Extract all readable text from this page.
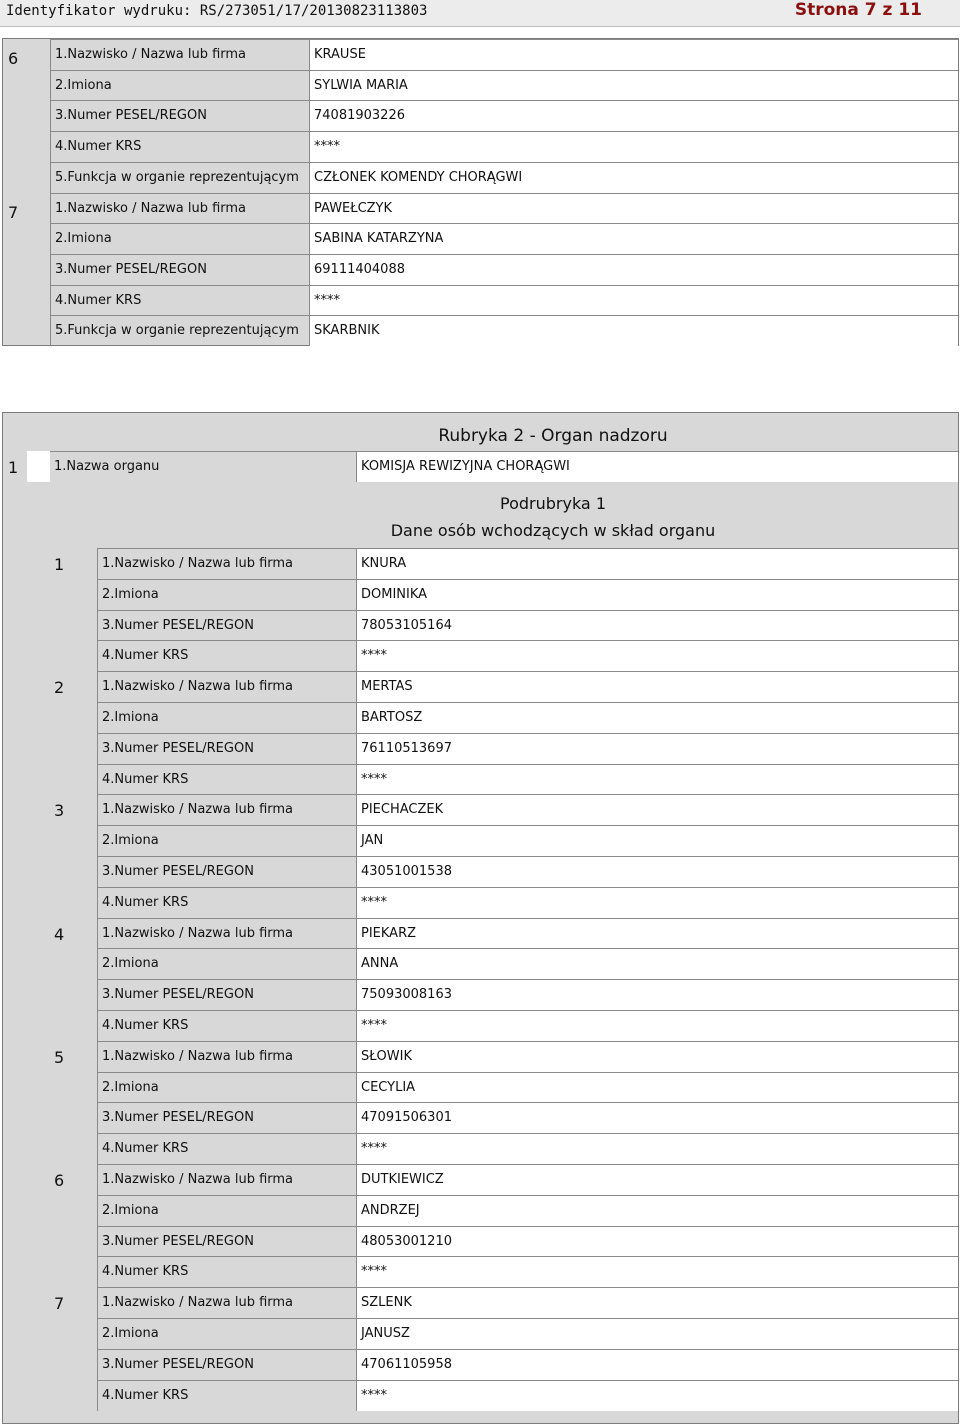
Identyfikator wydruku: RS/273051/17/20130823113803	Strona 7 z 11
6	1.Nazwisko / Nazwa lub firma	KRAUSE
2.Imiona	SYLWIA MARIA
3.Numer PESEL/REGON	74081903226
4.Numer KRS	****
5.Funkcja w organie reprezentującym	CZŁONEK KOMENDY CHORĄGWI
7	1.Nazwisko / Nazwa lub firma	PAWEŁCZYK
2.Imiona	SABINA KATARZYNA
3.Numer PESEL/REGON	69111404088
4.Numer KRS	****
5.Funkcja w organie reprezentującym	SKARBNIK
Rubryka 2 - Organ nadzoru
1	1.Nazwa organu	KOMISJA REWIZYJNA CHORĄGWI
Podrubryka 1
Dane osób wchodzących w skład organu
1	1.Nazwisko / Nazwa lub firma	KNURA
2.Imiona	DOMINIKA
3.Numer PESEL/REGON	78053105164
4.Numer KRS	****
2	1.Nazwisko / Nazwa lub firma	MERTAS
2.Imiona	BARTOSZ
3.Numer PESEL/REGON	76110513697
4.Numer KRS	****
3	1.Nazwisko / Nazwa lub firma	PIECHACZEK
2.Imiona	JAN
3.Numer PESEL/REGON	43051001538
4.Numer KRS	****
4	1.Nazwisko / Nazwa lub firma	PIEKARZ
2.Imiona	ANNA
3.Numer PESEL/REGON	75093008163
4.Numer KRS	****
5	1.Nazwisko / Nazwa lub firma	SŁOWIK
2.Imiona	CECYLIA
3.Numer PESEL/REGON	47091506301
4.Numer KRS	****
6	1.Nazwisko / Nazwa lub firma	DUTKIEWICZ
2.Imiona	ANDRZEJ
3.Numer PESEL/REGON	48053001210
4.Numer KRS	****
7	1.Nazwisko / Nazwa lub firma	SZLENK
2.Imiona	JANUSZ
3.Numer PESEL/REGON	47061105958
4.Numer KRS	****
